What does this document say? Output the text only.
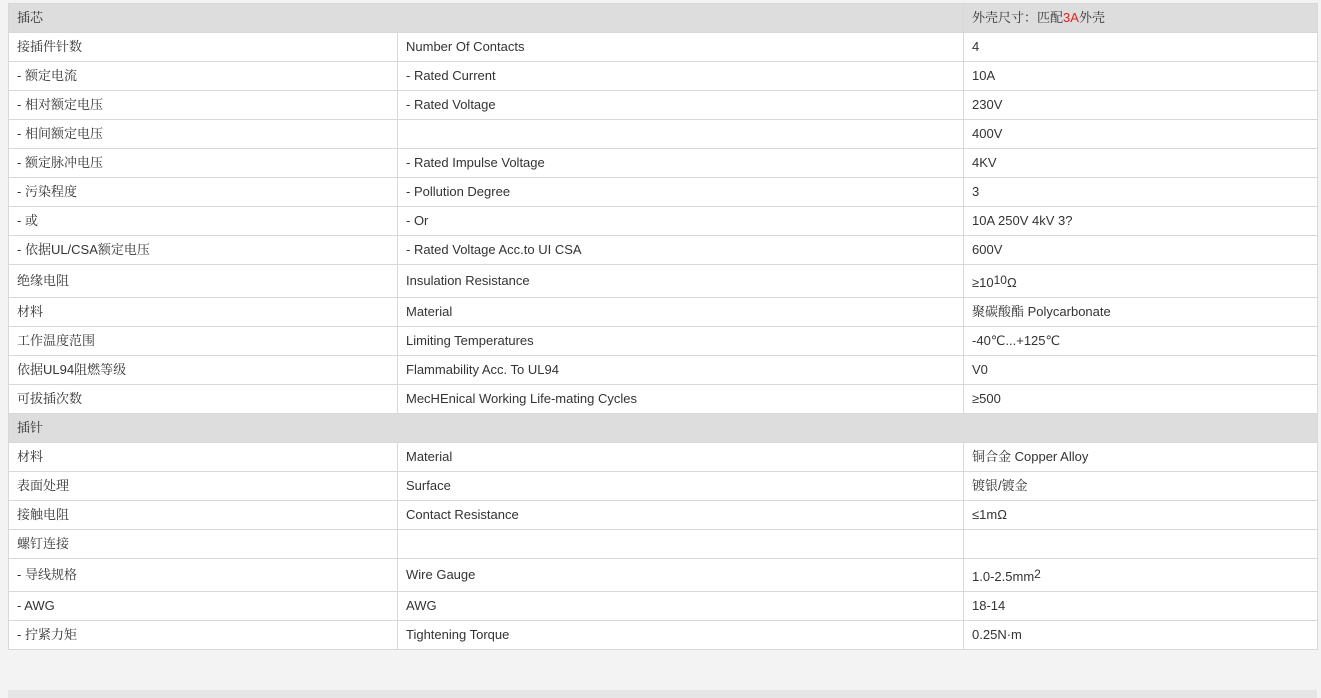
插芯		外壳尺寸：匹配3A外壳
接插件针数	Number Of Contacts	4
- 额定电流	- Rated Current	10A
- 相对额定电压	- Rated Voltage	230V
- 相间额定电压		400V
- 额定脉冲电压	- Rated Impulse Voltage	4KV
- 污染程度	- Pollution Degree	3
- 或	- Or	10A 250V 4kV 3?
- 依据UL/CSA额定电压	- Rated Voltage Acc.to UI CSA	600V
绝缘电阻	Insulation Resistance	$\ge 10^{10}\Omega$
材料	Material	聚碳酸酯 Polycarbonate
工作温度范围	Limiting Temperatures	-40℃...+125℃
依据UL94阻燃等级	Flammability Acc. To UL94	V0
可拔插次数	MecHEnical Working Life-mating Cycles	≥500
插针		
材料	Material	铜合金 Copper Alloy
表面处理	Surface	镀银/镀金
接触电阻	Contact Resistance	≤1mΩ
螺钉连接		
- 导线规格	Wire Gauge	$1.0-2.5mm^2$
- AWG	AWG	18-14
- 拧紧力矩	Tightening Torque	0.25N·m
